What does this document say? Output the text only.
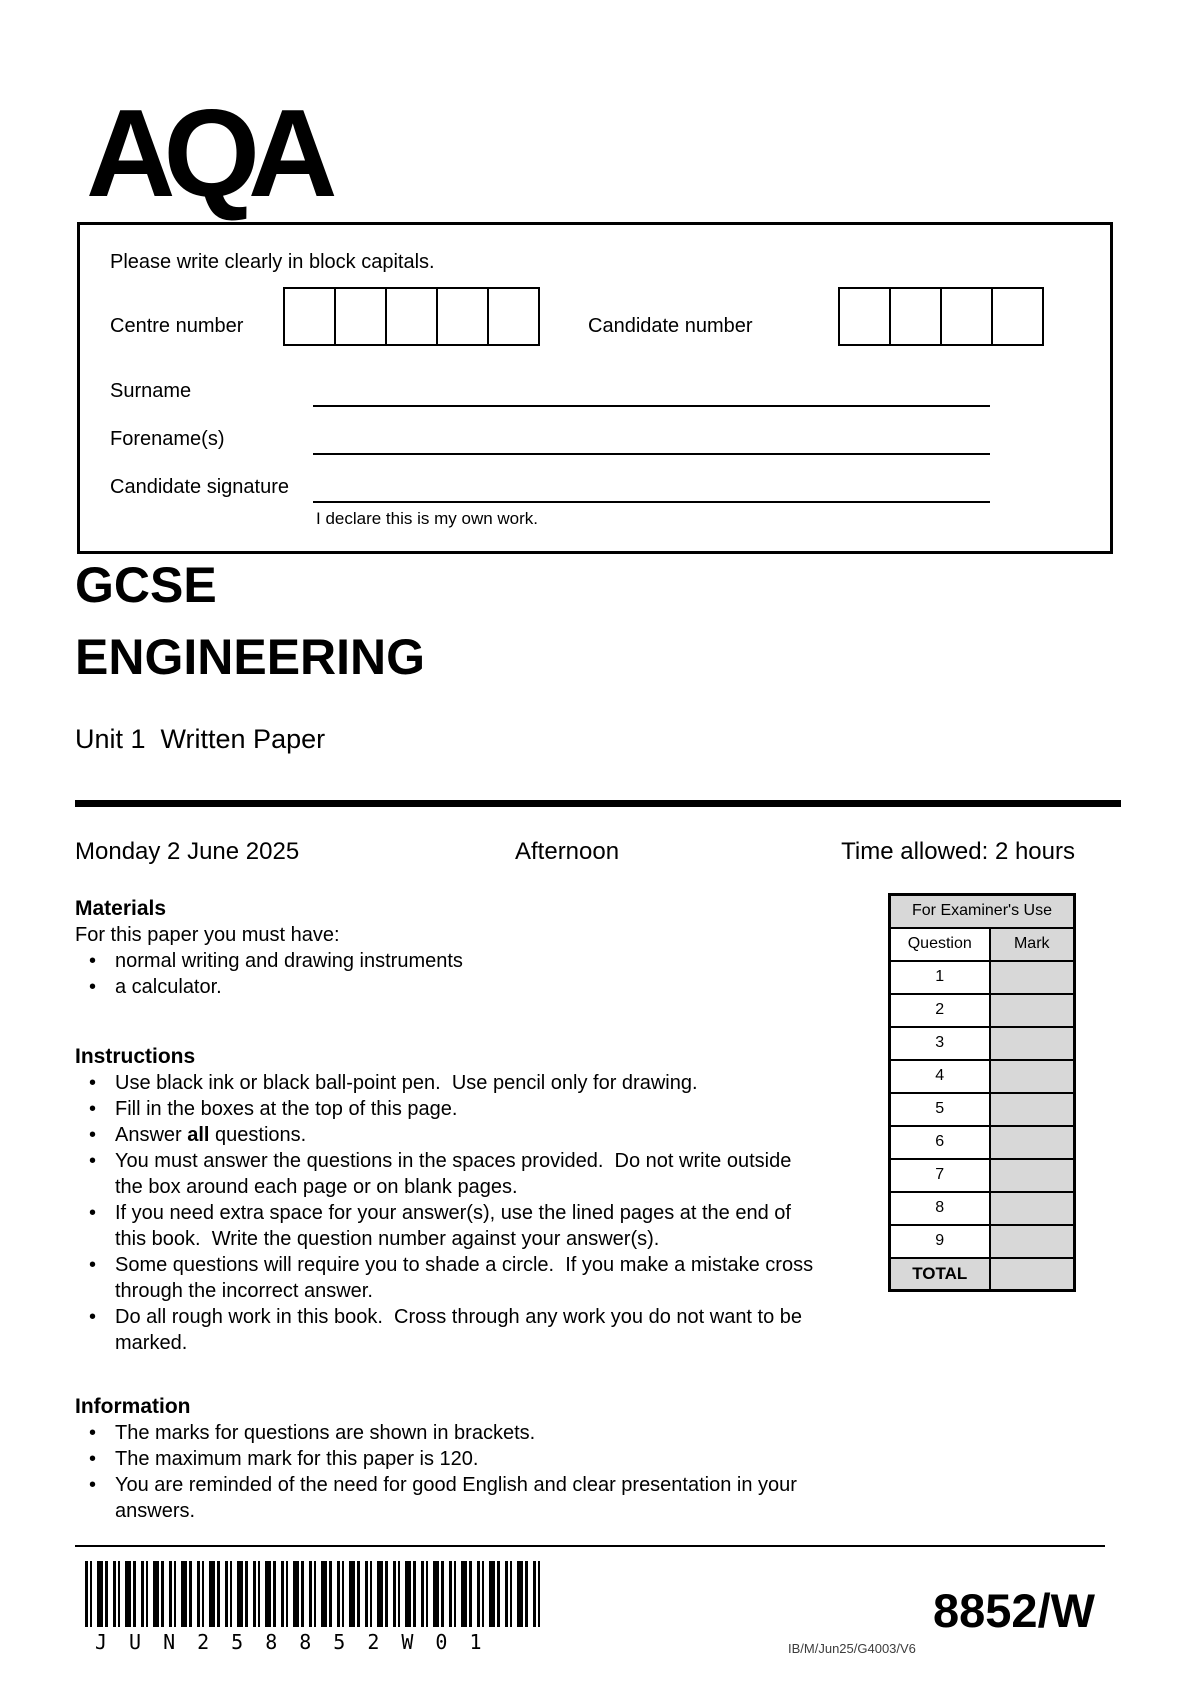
AQA
Please write clearly in block capitals.
Centre number	Candidate number
Surname
Forename(s)
Candidate signature
I declare this is my own work.
GCSE
ENGINEERING
Unit 1  Written Paper
Monday 2 June 2025	Afternoon	Time allowed: 2 hours
Materials
For this paper you must have:
• normal writing and drawing instruments
• a calculator.
Instructions
• Use black ink or black ball-point pen.  Use pencil only for drawing.
• Fill in the boxes at the top of this page.
• Answer all questions.
• You must answer the questions in the spaces provided.  Do not write outside the box around each page or on blank pages.
• If you need extra space for your answer(s), use the lined pages at the end of this book.  Write the question number against your answer(s).
• Some questions will require you to shade a circle.  If you make a mistake cross through the incorrect answer.
• Do all rough work in this book.  Cross through any work you do not want to be marked.
Information
• The marks for questions are shown in brackets.
• The maximum mark for this paper is 120.
• You are reminded of the need for good English and clear presentation in your answers.
For Examiner's Use	
Question	Mark
1	
2	
3	
4	
5	
6	
7	
8	
9	
TOTAL	
JUN258852W01	IB/M/Jun25/G4003/V6
8852/W
